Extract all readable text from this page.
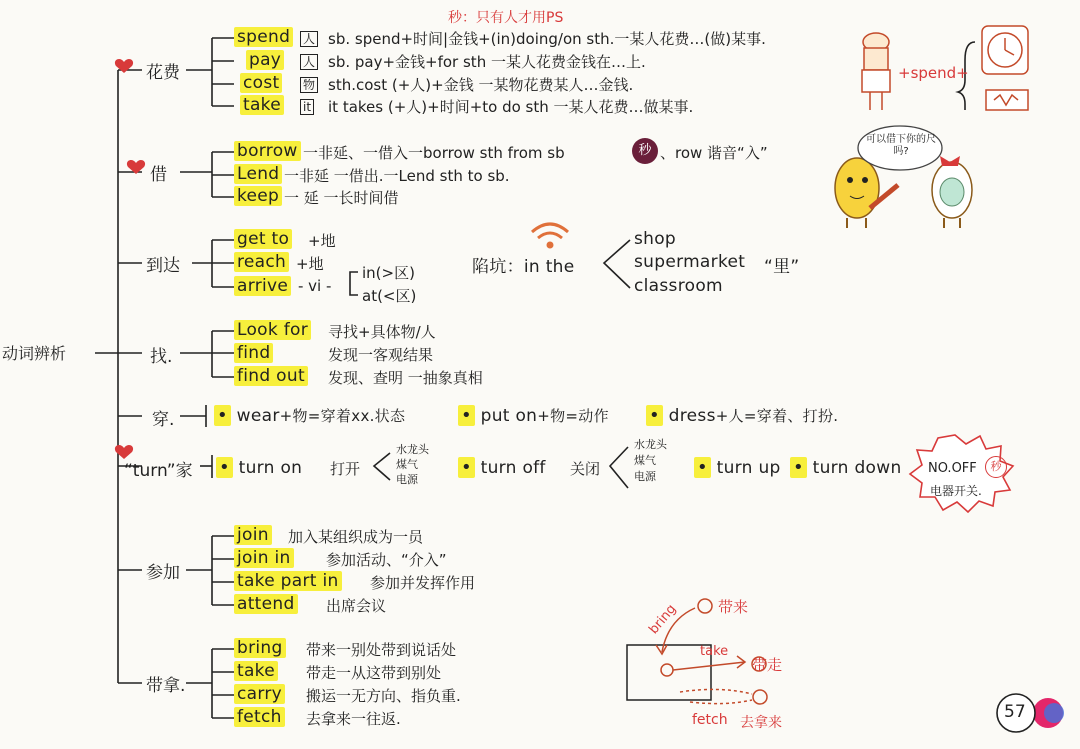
动词辨析
秒：只有人才用PS
花费
spend 人 sb. spend+时间|金钱+(in)doing/on sth.一某人花费…(做)某事.
pay 人 sb. pay+金钱+for sth 一某人花费金钱在…上.
cost 物 sth.cost (+人)+金钱 一某物花费某人…金钱.
take it it takes (+人)+时间+to do sth 一某人花费…做某事.
+spend+
借
borrow 一非延、一借入一borrow sth from sb	秒 、row 谐音“入”
Lend 一非延 一借出.一Lend sth to sb.
keep 一 延 一长时间借
可以借下你的尺吗?
到达
get to +地
reach +地
arrive - vi -
in(>区)
at(<区)
陷坑：in the
shop
supermarket
classroom
“里”
找.
Look for 寻找+具体物/人
find	发现一客观结果
find out 发现、查明 一抽象真相
穿. • wear+物=穿着xx.状态	• put on+物=动作 • dress+人=穿着、打扮.
“turn”家 • turn on 打开
水龙头
煤气
电源
• turn off 关闭
水龙头
煤气
电源	• turn up • turn down NO.OFF	秒
电器开关.
参加
join 加入某组织成为一员
join in 参加活动、“介入”
take part in 参加并发挥作用
attend 出席会议
带拿.
bring 带来一别处带到说话处
take 带走一从这带到别处
carry 搬运一无方向、指负重.
fetch 去拿来一往返.
bring	带来
take
带走
fetch 去拿来
57
